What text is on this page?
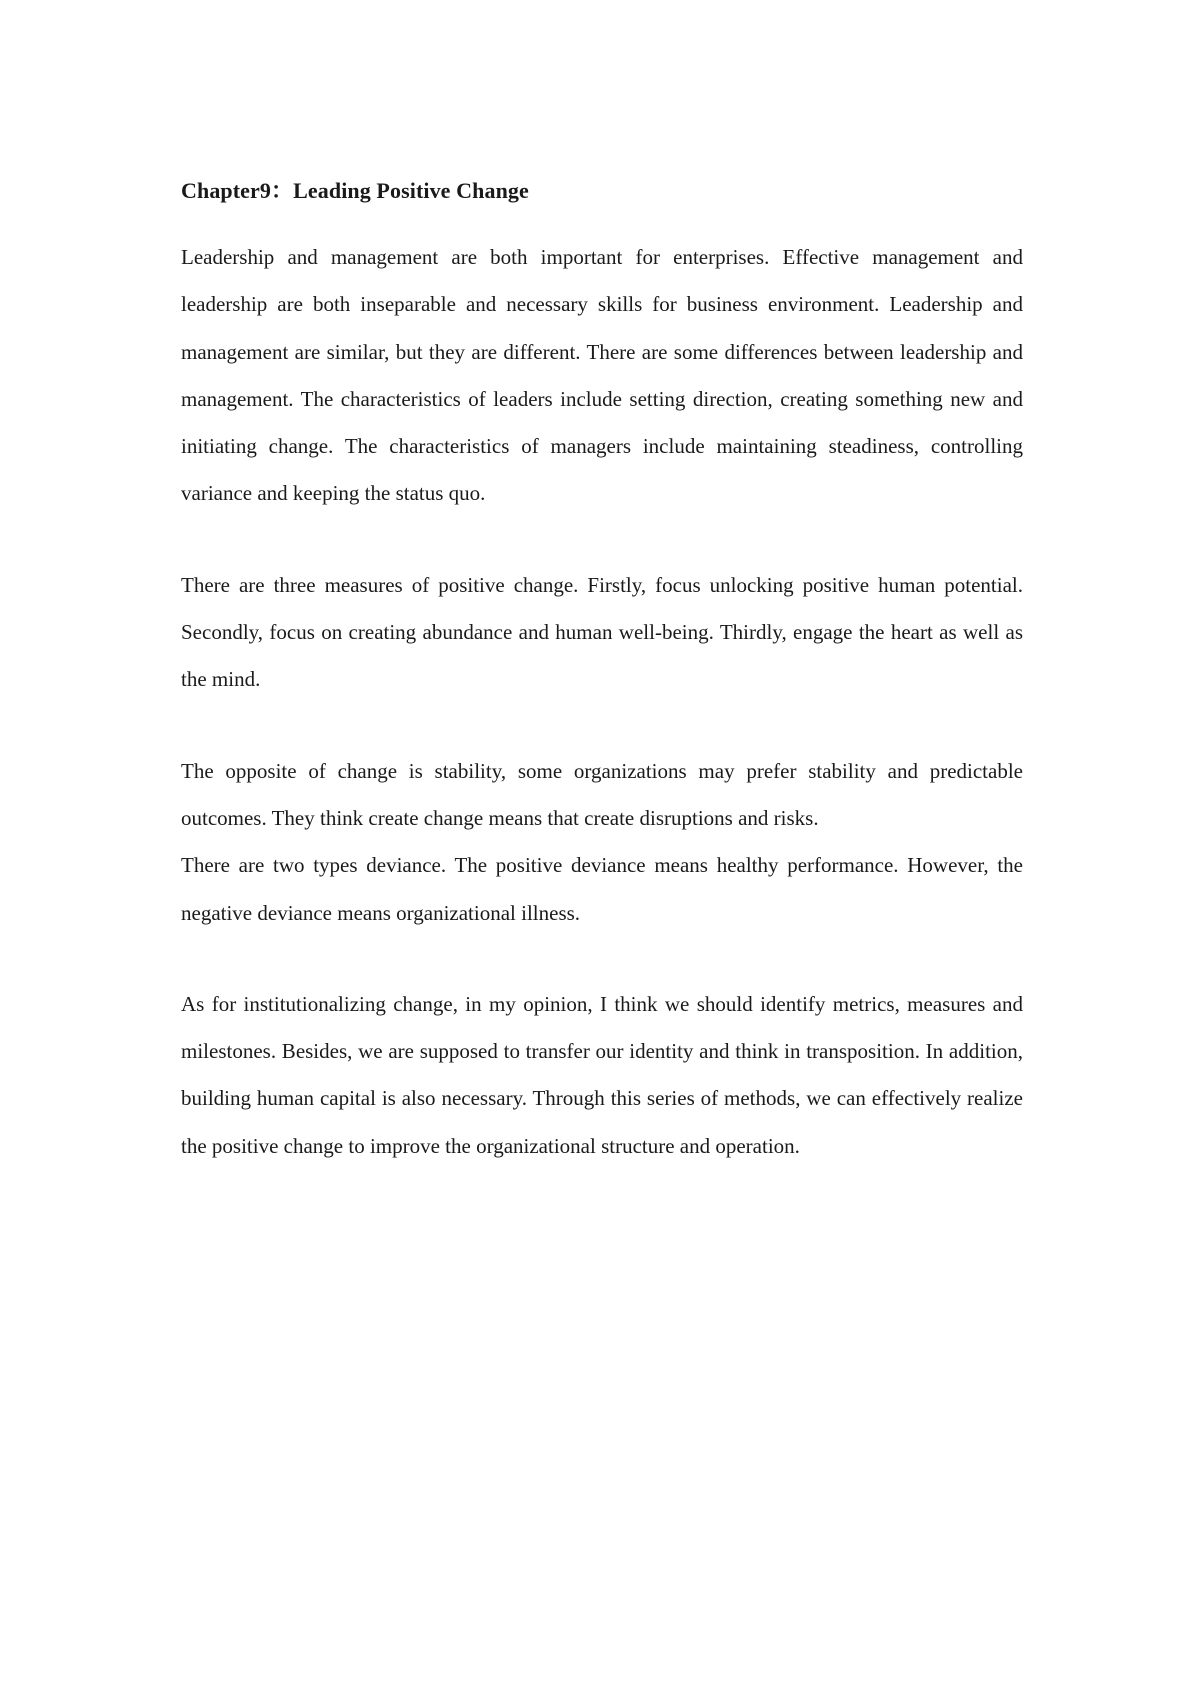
Chapter9：Leading Positive Change

Leadership and management are both important for enterprises. Effective management and leadership are both inseparable and necessary skills for business environment. Leadership and management are similar, but they are different. There are some differences between leadership and management. The characteristics of leaders include setting direction, creating something new and initiating change. The characteristics of managers include maintaining steadiness, controlling variance and keeping the status quo.

There are three measures of positive change. Firstly, focus unlocking positive human potential. Secondly, focus on creating abundance and human well-being. Thirdly, engage the heart as well as the mind.

The opposite of change is stability, some organizations may prefer stability and predictable outcomes. They think create change means that create disruptions and risks.

There are two types deviance. The positive deviance means healthy performance. However, the negative deviance means organizational illness.

As for institutionalizing change, in my opinion, I think we should identify metrics, measures and milestones. Besides, we are supposed to transfer our identity and think in transposition. In addition, building human capital is also necessary. Through this series of methods, we can effectively realize the positive change to improve the organizational structure and operation.
